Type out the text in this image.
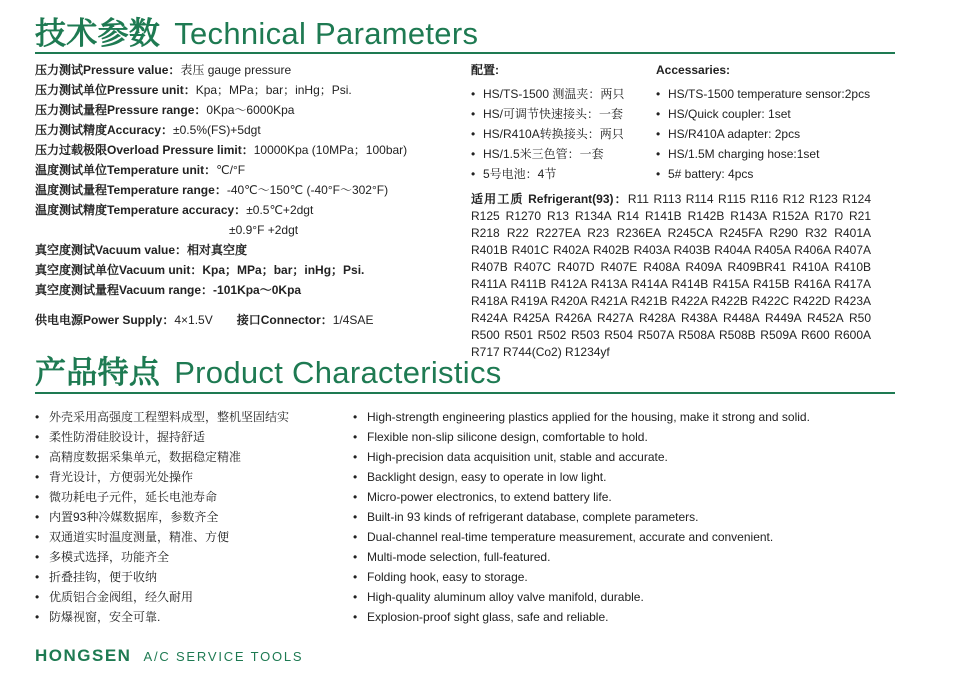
技术参数 Technical Parameters
压力测试Pressure value：表压 gauge pressure
压力测试单位Pressure unit：Kpa；MPa；bar；inHg；Psi.
压力测试量程Pressure range：0Kpa～6000Kpa
压力测试精度Accuracy：±0.5%(FS)+5dgt
压力过载极限Overload Pressure limit：10000Kpa (10MPa；100bar)
温度测试单位Temperature unit：℃/°F
温度测试量程Temperature range：-40℃～150℃ (-40°F～302°F)
温度测试精度Temperature accuracy：±0.5℃+2dgt
±0.9°F +2dgt
真空度测试Vacuum value：相对真空度
真空度测试单位Vacuum unit：Kpa；MPa；bar；inHg；Psi.
真空度测试量程Vacuum range：-101Kpa～0Kpa
供电电源Power Supply：4×1.5V 接口Connector：1/4SAE
配置:
• HS/TS-1500 测温夹：两只
• HS/可调节快速接头：一套
• HS/R410A转换接头：两只
• HS/1.5米三色管：一套
• 5号电池：4节
Accessaries:
• HS/TS-1500 temperature sensor:2pcs
• HS/Quick coupler: 1set
• HS/R410A adapter: 2pcs
• HS/1.5M charging hose:1set
• 5# battery: 4pcs
适用工质 Refrigerant(93)：R11 R113 R114 R115 R116 R12 R123 R124 R125 R1270 R13 R134A R14 R141B R142B R143A R152A R170 R21 R218 R22 R227EA R23 R236EA R245CA R245FA R290 R32 R401A R401B R401C R402A R402B R403A R403B R404A R405A R406A R407A R407B R407C R407D R407E R408A R409A R409BR41 R410A R410B R411A R411B R412A R413A R414A R414B R415A R415B R416A R417A R418A R419A R420A R421A R421B R422A R422B R422C R422D R423A R424A R425A R426A R427A R428A R438A R448A R449A R452A R50 R500 R501 R502 R503 R504 R507A R508A R508B R509A R600 R600A R717 R744(Co2) R1234yf
产品特点 Product Characteristics
• 外壳采用高强度工程塑料成型，整机坚固结实
• 柔性防滑硅胶设计，握持舒适
• 高精度数据采集单元，数据稳定精准
• 背光设计，方便弱光处操作
• 微功耗电子元件，延长电池寿命
• 内置93种冷媒数据库，参数齐全
• 双通道实时温度测量，精准、方便
• 多模式选择，功能齐全
• 折叠挂钩，便于收纳
• 优质铝合金阀组，经久耐用
• 防爆视窗，安全可靠.
• High-strength engineering plastics applied for the housing, make it strong and solid.
• Flexible non-slip silicone design, comfortable to hold.
• High-precision data acquisition unit, stable and accurate.
• Backlight design, easy to operate in low light.
• Micro-power electronics, to extend battery life.
• Built-in 93 kinds of refrigerant database, complete parameters.
• Dual-channel real-time temperature measurement, accurate and convenient.
• Multi-mode selection, full-featured.
• Folding hook, easy to storage.
• High-quality aluminum alloy valve manifold, durable.
• Explosion-proof sight glass, safe and reliable.
HONGSEN A/C SERVICE TOOLS
